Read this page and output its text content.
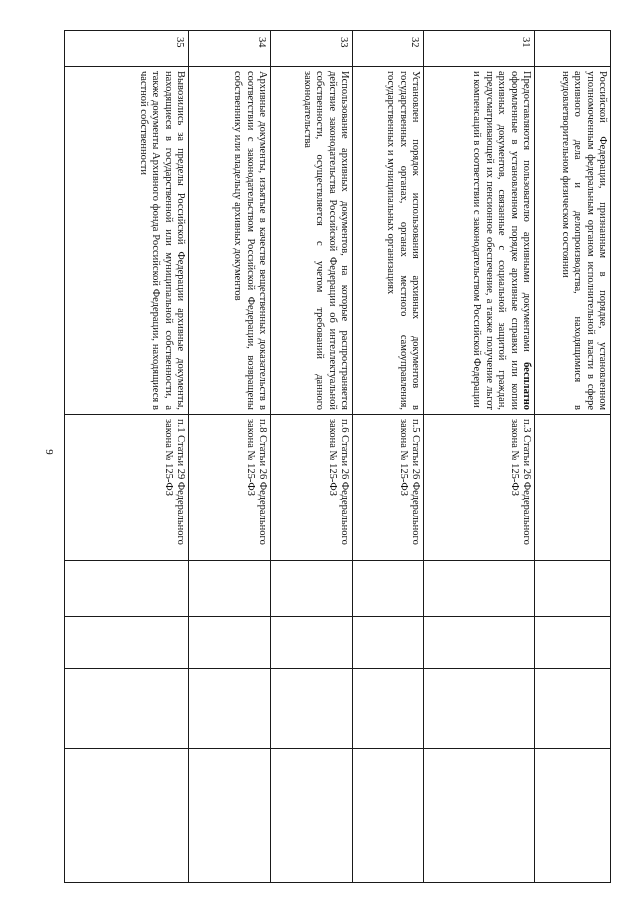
9
	Российской Федерации, признанным в порядке, установленном уполномоченным федеральным органом исполнительной власти в сфере архивного дела и делопроизводства, находящимися в неудовлетворительном физическом состоянии					
31	Предоставляются пользователю архивными документами бесплатно оформленные в установленном порядке архивные справки или копии архивных документов, связанные с социальной защитой граждан, предусматривающей их пенсионное обеспечение, а также получение льгот и компенсаций в соответствии с законодательством Российской Федерации	п.3 Статьи 26 Федерального закона № 125-ФЗ				
32	Установлен порядок использования архивных документов в государственных органах, органах местного самоуправления, государственных и муниципальных организациях	п.5 Статьи 26 Федерального закона № 125-ФЗ				
33	Использование архивных документов, на которые распространяется действие законодательства Российской Федерации об интеллектуальной собственности, осуществляется с учетом требований данного законодательства	п.6 Статьи 26 Федерального закона № 125-ФЗ				
34	Архивные документы, изъятые в качестве вещественных доказательств в соответствии с законодательством Российской Федерации, возвращены собственнику или владельцу архивных документов	п.8 Статьи 26 Федерального закона № 125-ФЗ				
35	Вывозились за пределы Российской Федерации архивные документы, находящиеся в государственной или муниципальной собственности, а также документы Архивного фонда Российской Федерации, находящиеся в частной собственности	п.1 Статьи 29 Федерального закона № 125-ФЗ				
